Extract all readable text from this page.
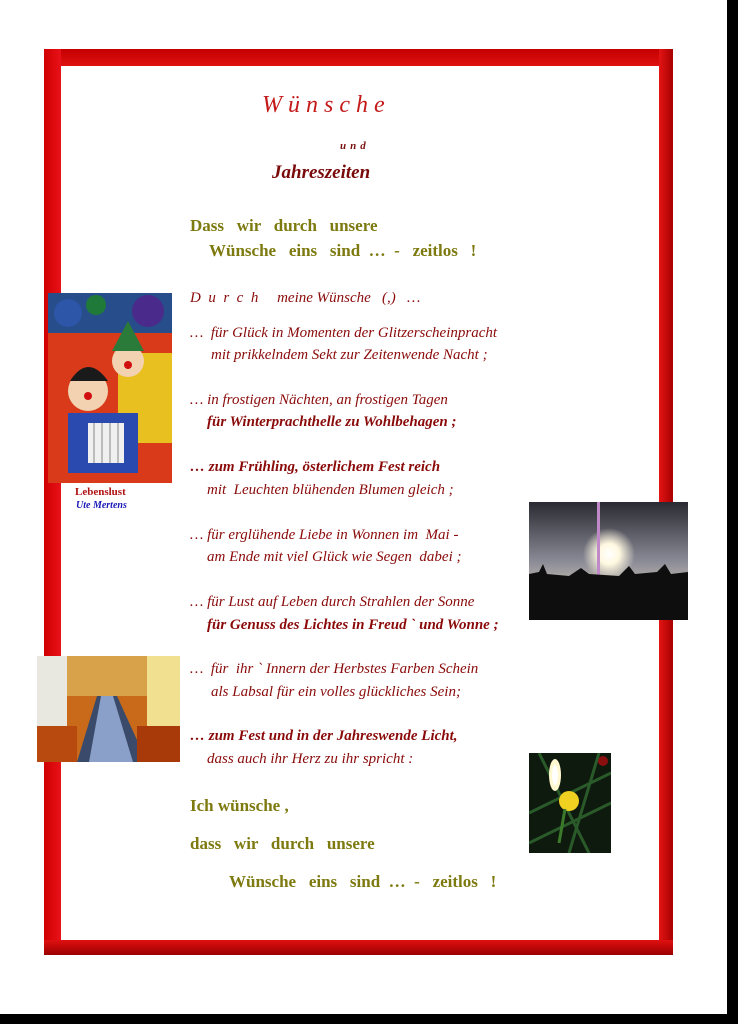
Wünsche
und
Jahreszeiten
Dass   wir   durch   unsere
Wünsche   eins   sind  …  -   zeitlos   !
D  u  r  c  h     meine Wünsche   (,)   …
…  für Glück in Momenten der Glitzerscheinpracht
mit prikkelndem Sekt zur Zeitenwende Nacht ;
… in frostigen Nächten, an frostigen Tagen
für Winterprachthelle zu Wohlbehagen ;
… zum Frühling, österlichem Fest reich
mit  Leuchten blühenden Blumen gleich ;
… für erglühende Liebe in Wonnen im  Mai -
am Ende mit viel Glück wie Segen  dabei ;
… für Lust auf Leben durch Strahlen der Sonne
für Genuss des Lichtes in Freud ` und Wonne ;
…  für  ihr ` Innern der Herbstes Farben Schein
als Labsal für ein volles glückliches Sein;
… zum Fest und in der Jahreswende Licht,
dass auch ihr Herz zu ihr spricht :
Ich wünsche ,
dass   wir   durch   unsere
Wünsche   eins   sind  …  -   zeitlos   !
Lebenslust
Ute Mertens
